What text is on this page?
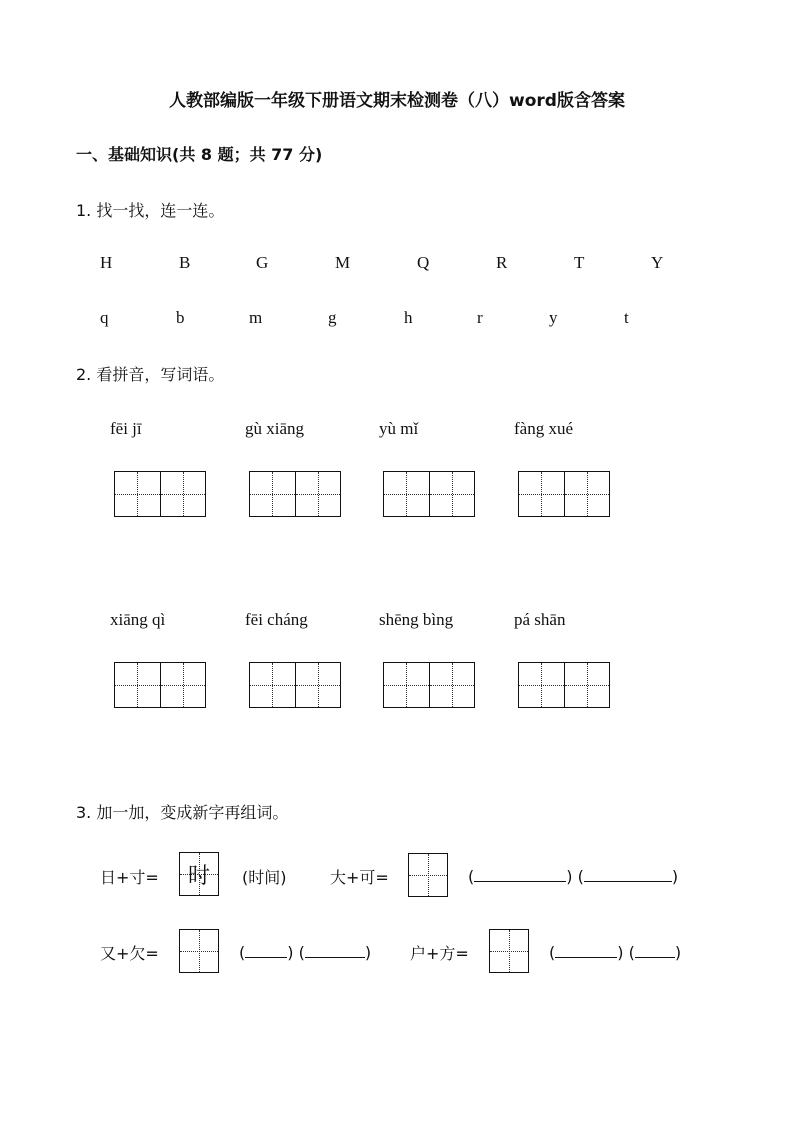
人教部编版一年级下册语文期末检测卷（八）word版含答案
一、基础知识(共 8 题；共 77 分)
1. 找一找，连一连。
H	B	G	M	Q	R	T	Y
q	b	m	g	h	r	y	t
2. 看拼音，写词语。
fēi jī	gù xiāng	yù mǐ	fàng xué
xiāng qì	fēi cháng	shēng bìng	pá shān
3. 加一加，变成新字再组词。
日+寸=	时	(时间)	大+可=	(	) (	)
又+欠=	(	) (	) 户+方=	(	) (	)
